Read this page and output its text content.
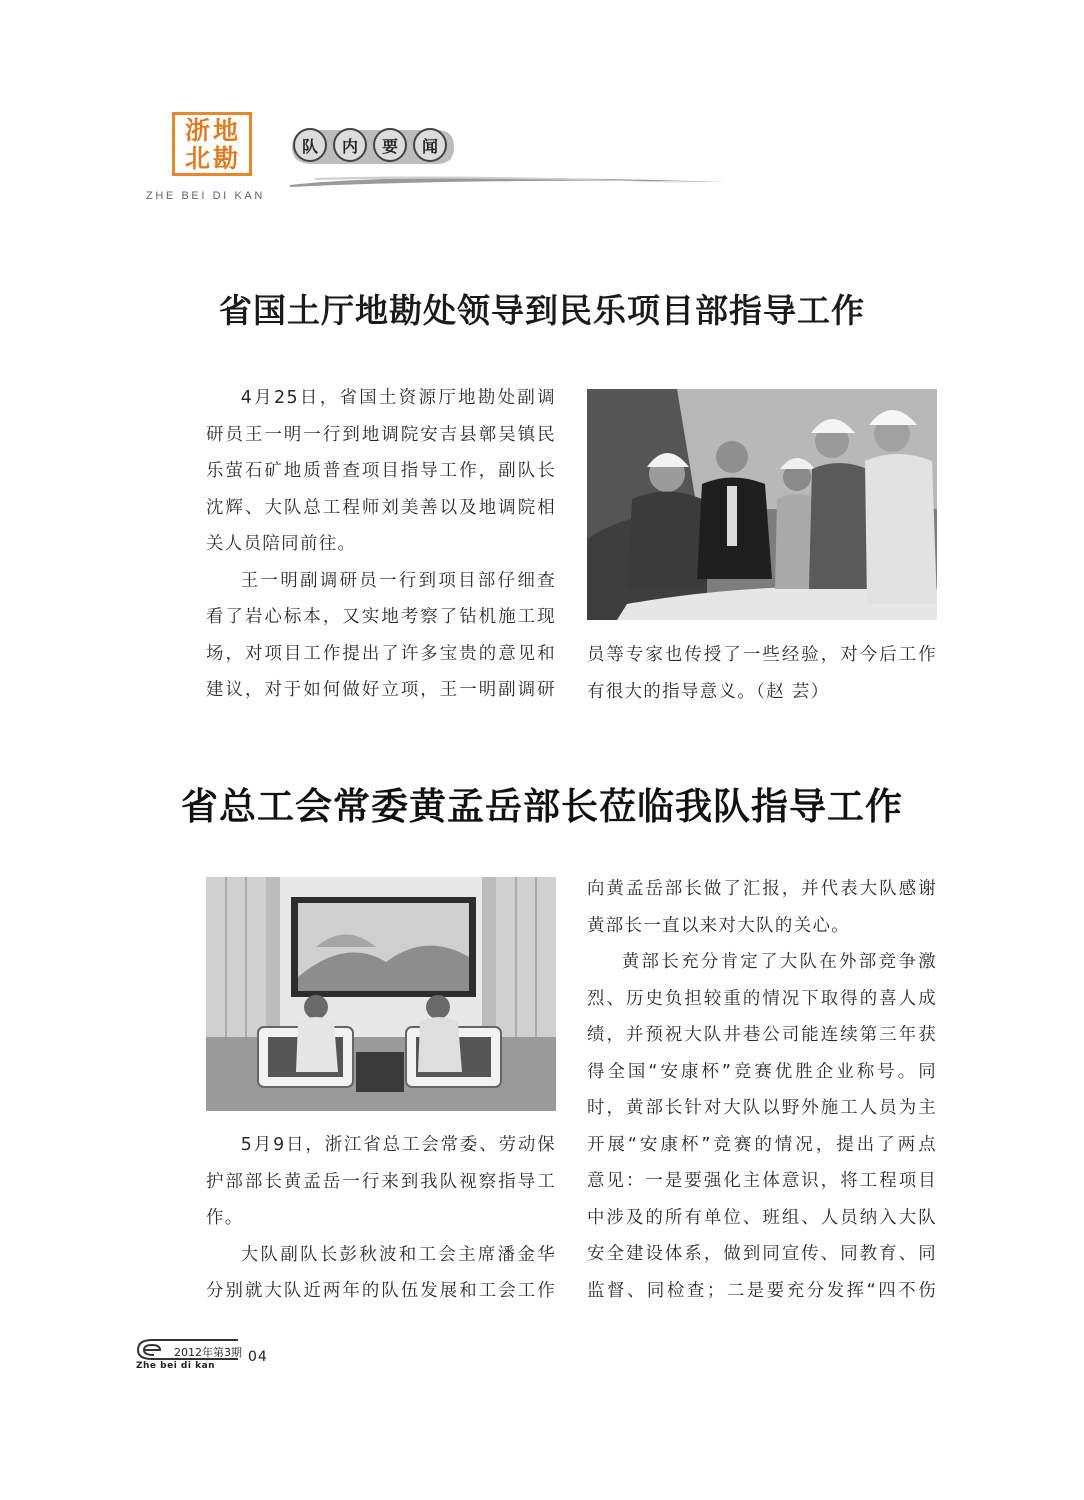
浙 地
北 勘
ZHE BEI DI KAN
队	内	要	闻
省国土厅地勘处领导到民乐项目部指导工作

4月25日，省国土资源厅地勘处副调

研员王一明一行到地调院安吉县鄣吴镇民

乐萤石矿地质普查项目指导工作，副队长

沈辉、大队总工程师刘美善以及地调院相

关人员陪同前往。

王一明副调研员一行到项目部仔细查

看了岩心标本，又实地考察了钻机施工现

场，对项目工作提出了许多宝贵的意见和

建议，对于如何做好立项，王一明副调研

员等专家也传授了一些经验，对今后工作

有很大的指导意义。（赵 芸）

省总工会常委黄孟岳部长莅临我队指导工作

5月9日，浙江省总工会常委、劳动保

护部部长黄孟岳一行来到我队视察指导工

作。

大队副队长彭秋波和工会主席潘金华

分别就大队近两年的队伍发展和工会工作

向黄孟岳部长做了汇报，并代表大队感谢

黄部长一直以来对大队的关心。

黄部长充分肯定了大队在外部竞争激

烈、历史负担较重的情况下取得的喜人成

绩，并预祝大队井巷公司能连续第三年获

得全国“安康杯”竞赛优胜企业称号。同

时，黄部长针对大队以野外施工人员为主

开展“安康杯”竞赛的情况，提出了两点

意见：一是要强化主体意识，将工程项目

中涉及的所有单位、班组、人员纳入大队

安全建设体系，做到同宣传、同教育、同

监督、同检查；二是要充分发挥“四不伤

2012年第3期 04
Zhe bei di kan
